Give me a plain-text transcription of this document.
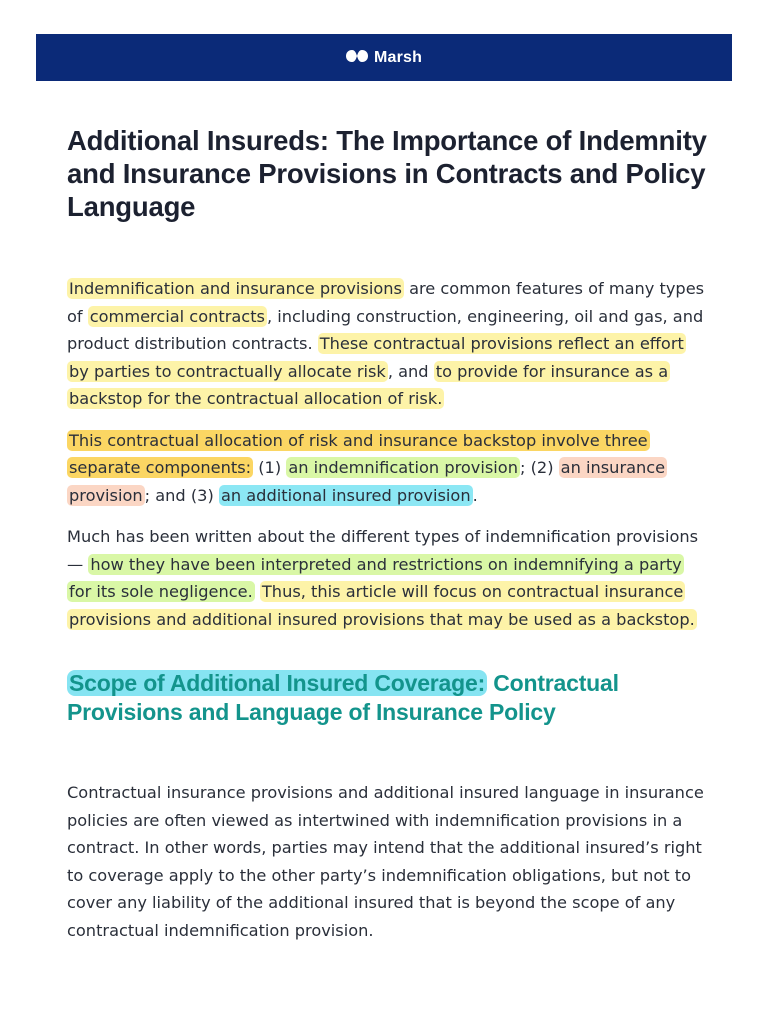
Marsh
Additional Insureds: The Importance of Indemnity and Insurance Provisions in Contracts and Policy Language

Indemnification and insurance provisions are common features of many types of commercial contracts , including construction, engineering, oil and gas, and product distribution contracts. These contractual provisions reflect an effort by parties to contractually allocate risk , and to provide for insurance as a backstop for the contractual allocation of risk.

This contractual allocation of risk and insurance backstop involve three separate components: (1) an indemnification provision ; (2) an insurance provision ; and (3) an additional insured provision .

Much has been written about the different types of indemnification provisions — how they have been interpreted and restrictions on indemnifying a party for its sole negligence. Thus, this article will focus on contractual insurance provisions and additional insured provisions that may be used as a backstop.

Scope of Additional Insured Coverage: Contractual Provisions and Language of Insurance Policy

Contractual insurance provisions and additional insured language in insurance policies are often viewed as intertwined with indemnification provisions in a contract. In other words, parties may intend that the additional insured’s right to coverage apply to the other party’s indemnification obligations, but not to cover any liability of the additional insured that is beyond the scope of any contractual indemnification provision.
